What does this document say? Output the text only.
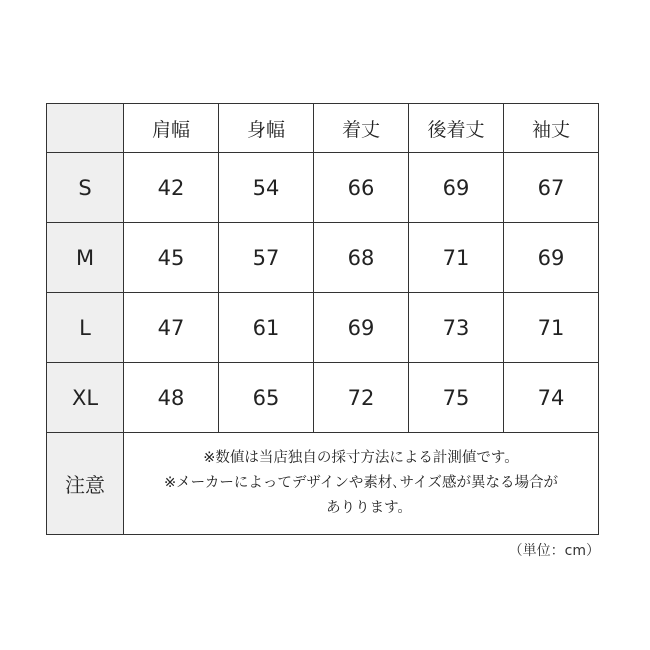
	肩幅	身幅	着丈	後着丈	袖丈
S	42	54	66	69	67
M	45	57	68	71	69
L	47	61	69	73	71
XL	48	65	72	75	74
注意	※数値は当店独自の採寸方法による計測値です。
※メーカーによってデザインや素材､サイズ感が異なる場合が
ありります。				
（単位：cm）
